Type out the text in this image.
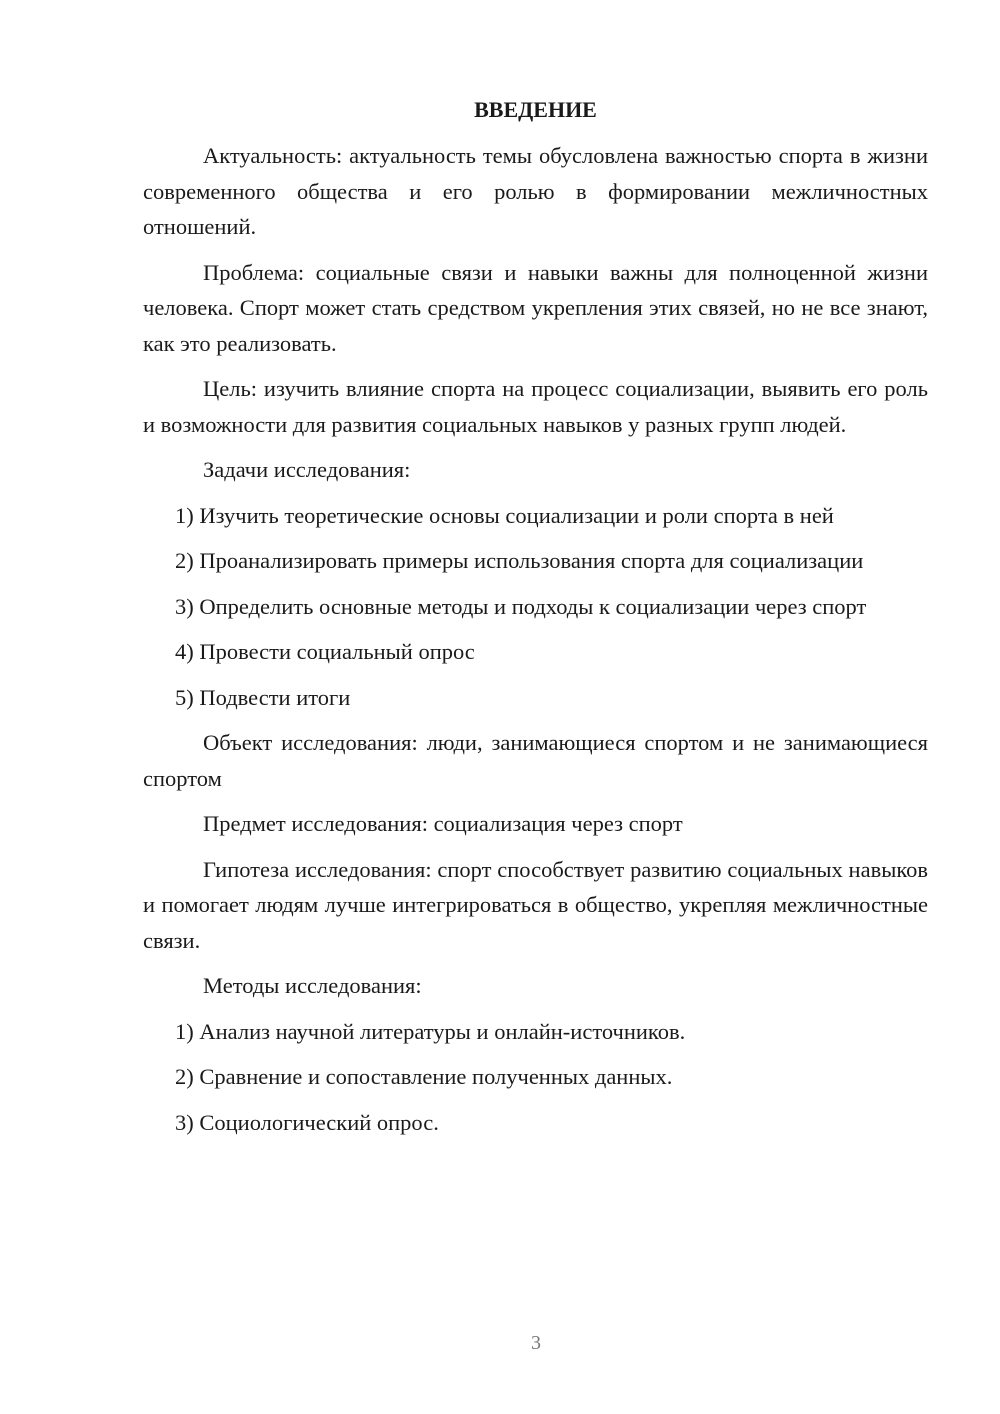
ВВЕДЕНИЕ
Актуальность: актуальность темы обусловлена важностью спорта в жизни современного общества и его ролью в формировании межличностных отношений.
Проблема: социальные связи и навыки важны для полноценной жизни человека. Спорт может стать средством укрепления этих связей, но не все знают, как это реализовать.
Цель: изучить влияние спорта на процесс социализации, выявить его роль и возможности для развития социальных навыков у разных групп людей.
Задачи исследования:
1) Изучить теоретические основы социализации и роли спорта в ней
2) Проанализировать примеры использования спорта для социализации
3) Определить основные методы и подходы к социализации через спорт
4) Провести социальный опрос
5) Подвести итоги
Объект исследования: люди, занимающиеся спортом и не занимающиеся спортом
Предмет исследования: социализация через спорт
Гипотеза исследования: спорт способствует развитию социальных навыков и помогает людям лучше интегрироваться в общество, укрепляя межличностные связи.
Методы исследования:
1) Анализ научной литературы и онлайн-источников.
2) Сравнение и сопоставление полученных данных.
3) Социологический опрос.
3
